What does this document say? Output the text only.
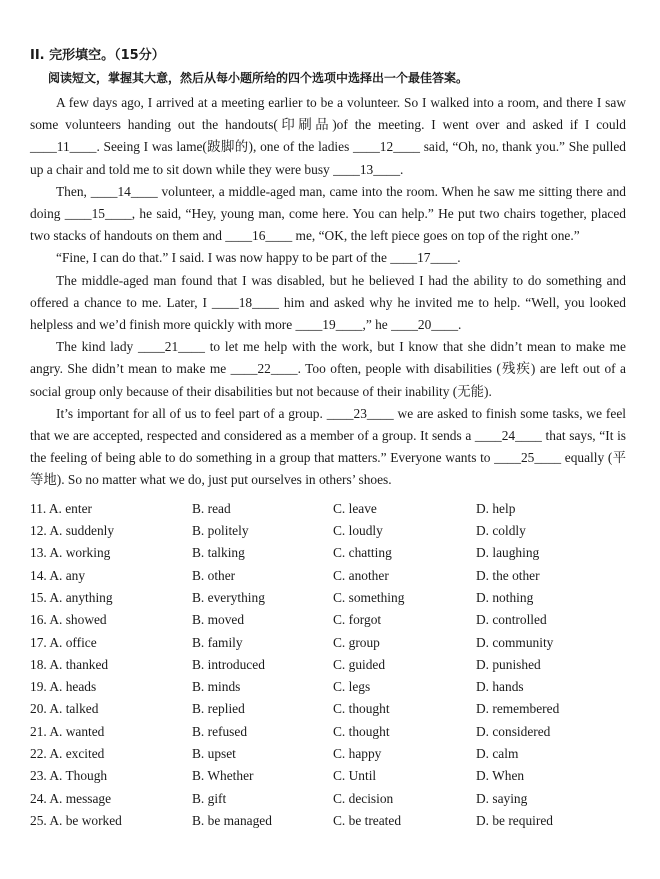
II. 完形填空。（15分）
阅读短文，掌握其大意，然后从每小题所给的四个选项中选择出一个最佳答案。

A few days ago, I arrived at a meeting earlier to be a volunteer. So I walked into a room, and there I saw some volunteers handing out the handouts(印刷品)of the meeting. I went over and asked if I could ____11____. Seeing I was lame(跛脚的), one of the ladies ____12____ said, “Oh, no, thank you.” She pulled up a chair and told me to sit down while they were busy ____13____.

Then, ____14____ volunteer, a middle-aged man, came into the room. When he saw me sitting there and doing ____15____, he said, “Hey, young man, come here. You can help.” He put two chairs together, placed two stacks of handouts on them and ____16____ me, “OK, the left piece goes on top of the right one.”

“Fine, I can do that.” I said. I was now happy to be part of the ____17____.

The middle-aged man found that I was disabled, but he believed I had the ability to do something and offered a chance to me. Later, I ____18____ him and asked why he invited me to help. “Well, you looked helpless and we’d finish more quickly with more ____19____,” he ____20____.

The kind lady ____21____ to let me help with the work, but I know that she didn’t mean to make me angry. She didn’t mean to make me ____22____. Too often, people with disabilities (残疾) are left out of a social group only because of their disabilities but not because of their inability (无能).

It’s important for all of us to feel part of a group. ____23____ we are asked to finish some tasks, we feel that we are accepted, respected and considered as a member of a group. It sends a ____24____ that says, “It is the feeling of being able to do something in a group that matters.” Everyone wants to ____25____ equally (平等地). So no matter what we do, just put ourselves in others’ shoes.

11. A. enter	B. read	C. leave	D. help
12. A. suddenly	B. politely	C. loudly	D. coldly
13. A. working	B. talking	C. chatting	D. laughing
14. A. any	B. other	C. another	D. the other
15. A. anything	B. everything	C. something	D. nothing
16. A. showed	B. moved	C. forgot	D. controlled
17. A. office	B. family	C. group	D. community
18. A. thanked	B. introduced	C. guided	D. punished
19. A. heads	B. minds	C. legs	D. hands
20. A. talked	B. replied	C. thought	D. remembered
21. A. wanted	B. refused	C. thought	D. considered
22. A. excited	B. upset	C. happy	D. calm
23. A. Though	B. Whether	C. Until	D. When
24. A. message	B. gift	C. decision	D. saying
25. A. be worked	B. be managed	C. be treated	D. be required
